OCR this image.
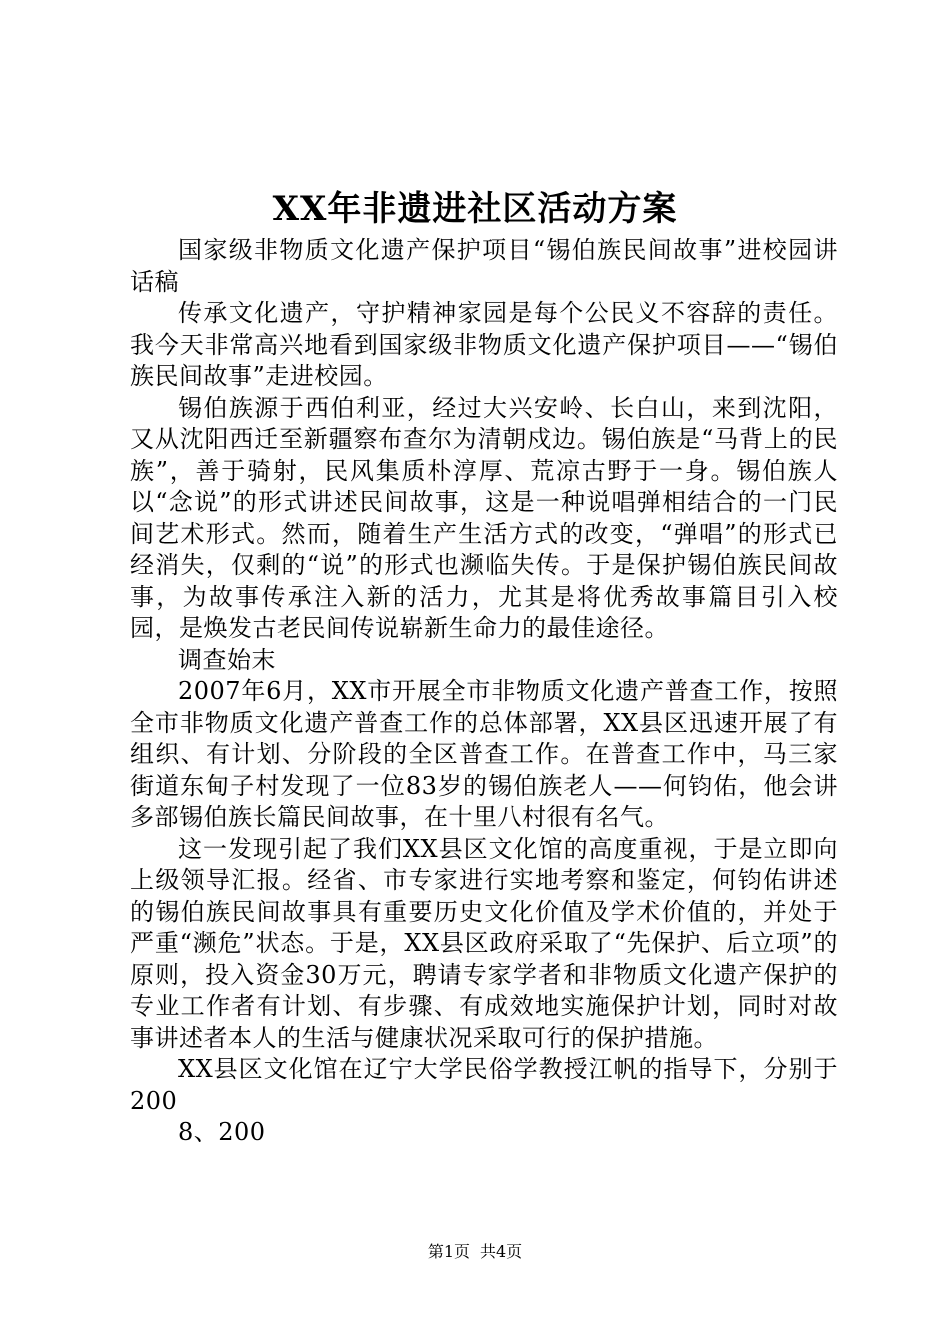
XX年非遗进社区活动方案

国家级非物质文化遗产保护项目“锡伯族民间故事”进校园讲话稿

传承文化遗产，守护精神家园是每个公民义不容辞的责任。我今天非常高兴地看到国家级非物质文化遗产保护项目——“锡伯族民间故事”走进校园。

锡伯族源于西伯利亚，经过大兴安岭、长白山，来到沈阳，又从沈阳西迁至新疆察布查尔为清朝戍边。锡伯族是“马背上的民族”，善于骑射，民风集质朴淳厚、荒凉古野于一身。锡伯族人以“念说”的形式讲述民间故事，这是一种说唱弹相结合的一门民间艺术形式。然而，随着生产生活方式的改变，“弹唱”的形式已经消失，仅剩的“说”的形式也濒临失传。于是保护锡伯族民间故事，为故事传承注入新的活力，尤其是将优秀故事篇目引入校园，是焕发古老民间传说崭新生命力的最佳途径。

调查始末

2007年6月，XX市开展全市非物质文化遗产普查工作，按照全市非物质文化遗产普查工作的总体部署，XX县区迅速开展了有组织、有计划、分阶段的全区普查工作。在普查工作中，马三家街道东甸子村发现了一位83岁的锡伯族老人——何钧佑，他会讲多部锡伯族长篇民间故事，在十里八村很有名气。

这一发现引起了我们XX县区文化馆的高度重视，于是立即向上级领导汇报。经省、市专家进行实地考察和鉴定，何钧佑讲述的锡伯族民间故事具有重要历史文化价值及学术价值的，并处于严重“濒危”状态。于是，XX县区政府采取了“先保护、后立项”的原则，投入资金30万元，聘请专家学者和非物质文化遗产保护的专业工作者有计划、有步骤、有成效地实施保护计划，同时对故事讲述者本人的生活与健康状况采取可行的保护措施。

XX县区文化馆在辽宁大学民俗学教授江帆的指导下，分别于200

8、200

第1页 共4页
